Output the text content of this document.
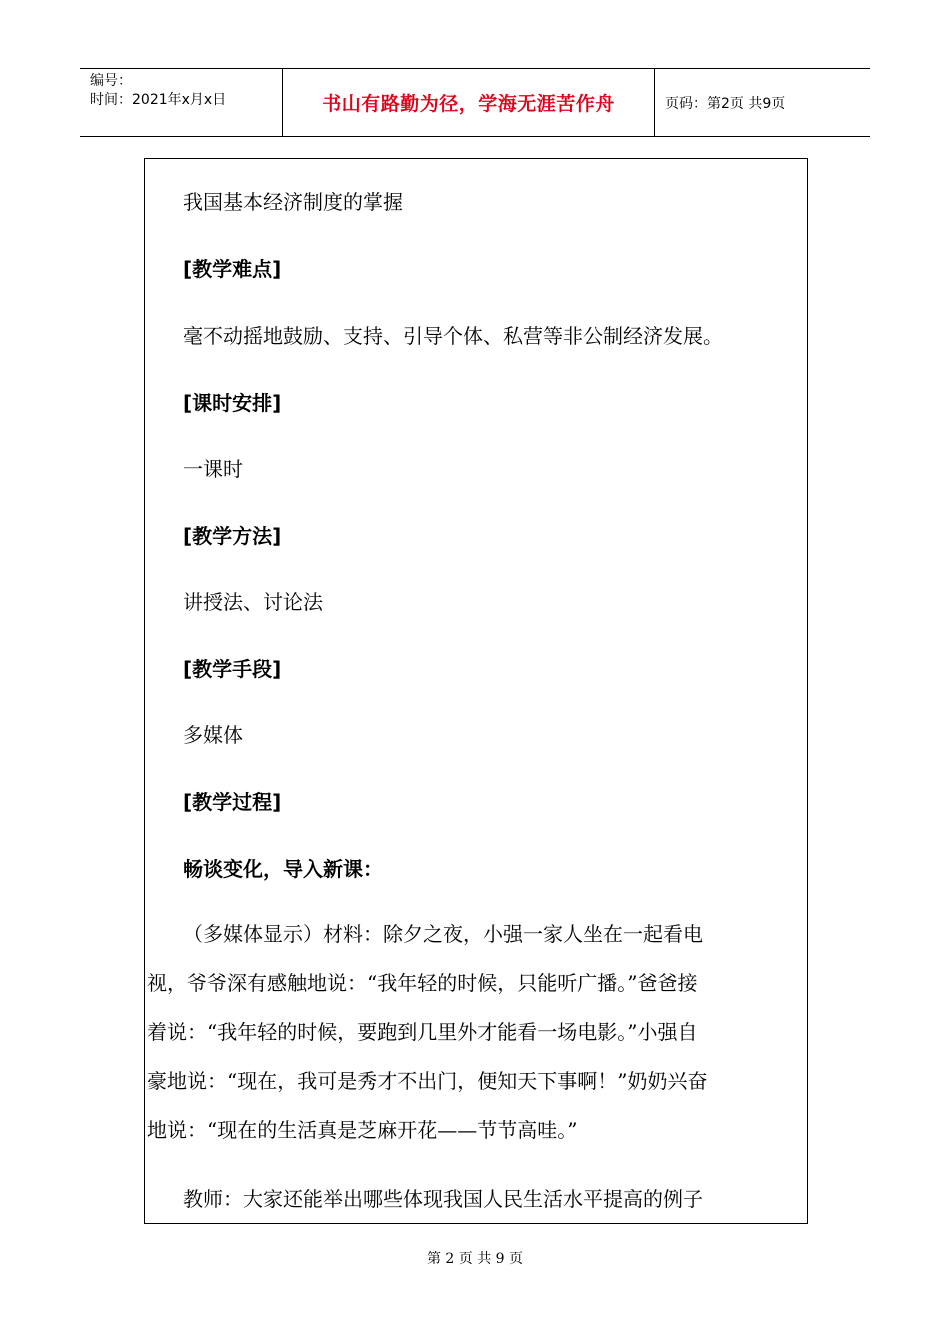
编号：
时间：2021年x月x日	书山有路勤为径，学海无涯苦作舟	页码：第2页 共9页
我国基本经济制度的掌握
[教学难点]
毫不动摇地鼓励、支持、引导个体、私营等非公制经济发展。
[课时安排]
一课时
[教学方法]
讲授法、讨论法
[教学手段]
多媒体
[教学过程]
畅谈变化，导入新课：
（多媒体显示）材料：除夕之夜，小强一家人坐在一起看电
视，爷爷深有感触地说：“我年轻的时候，只能听广播。”爸爸接
着说：“我年轻的时候，要跑到几里外才能看一场电影。”小强自
豪地说：“现在，我可是秀才不出门，便知天下事啊！”奶奶兴奋
地说：“现在的生活真是芝麻开花——节节高哇。”
教师：大家还能举出哪些体现我国人民生活水平提高的例子
第 2 页 共 9 页
